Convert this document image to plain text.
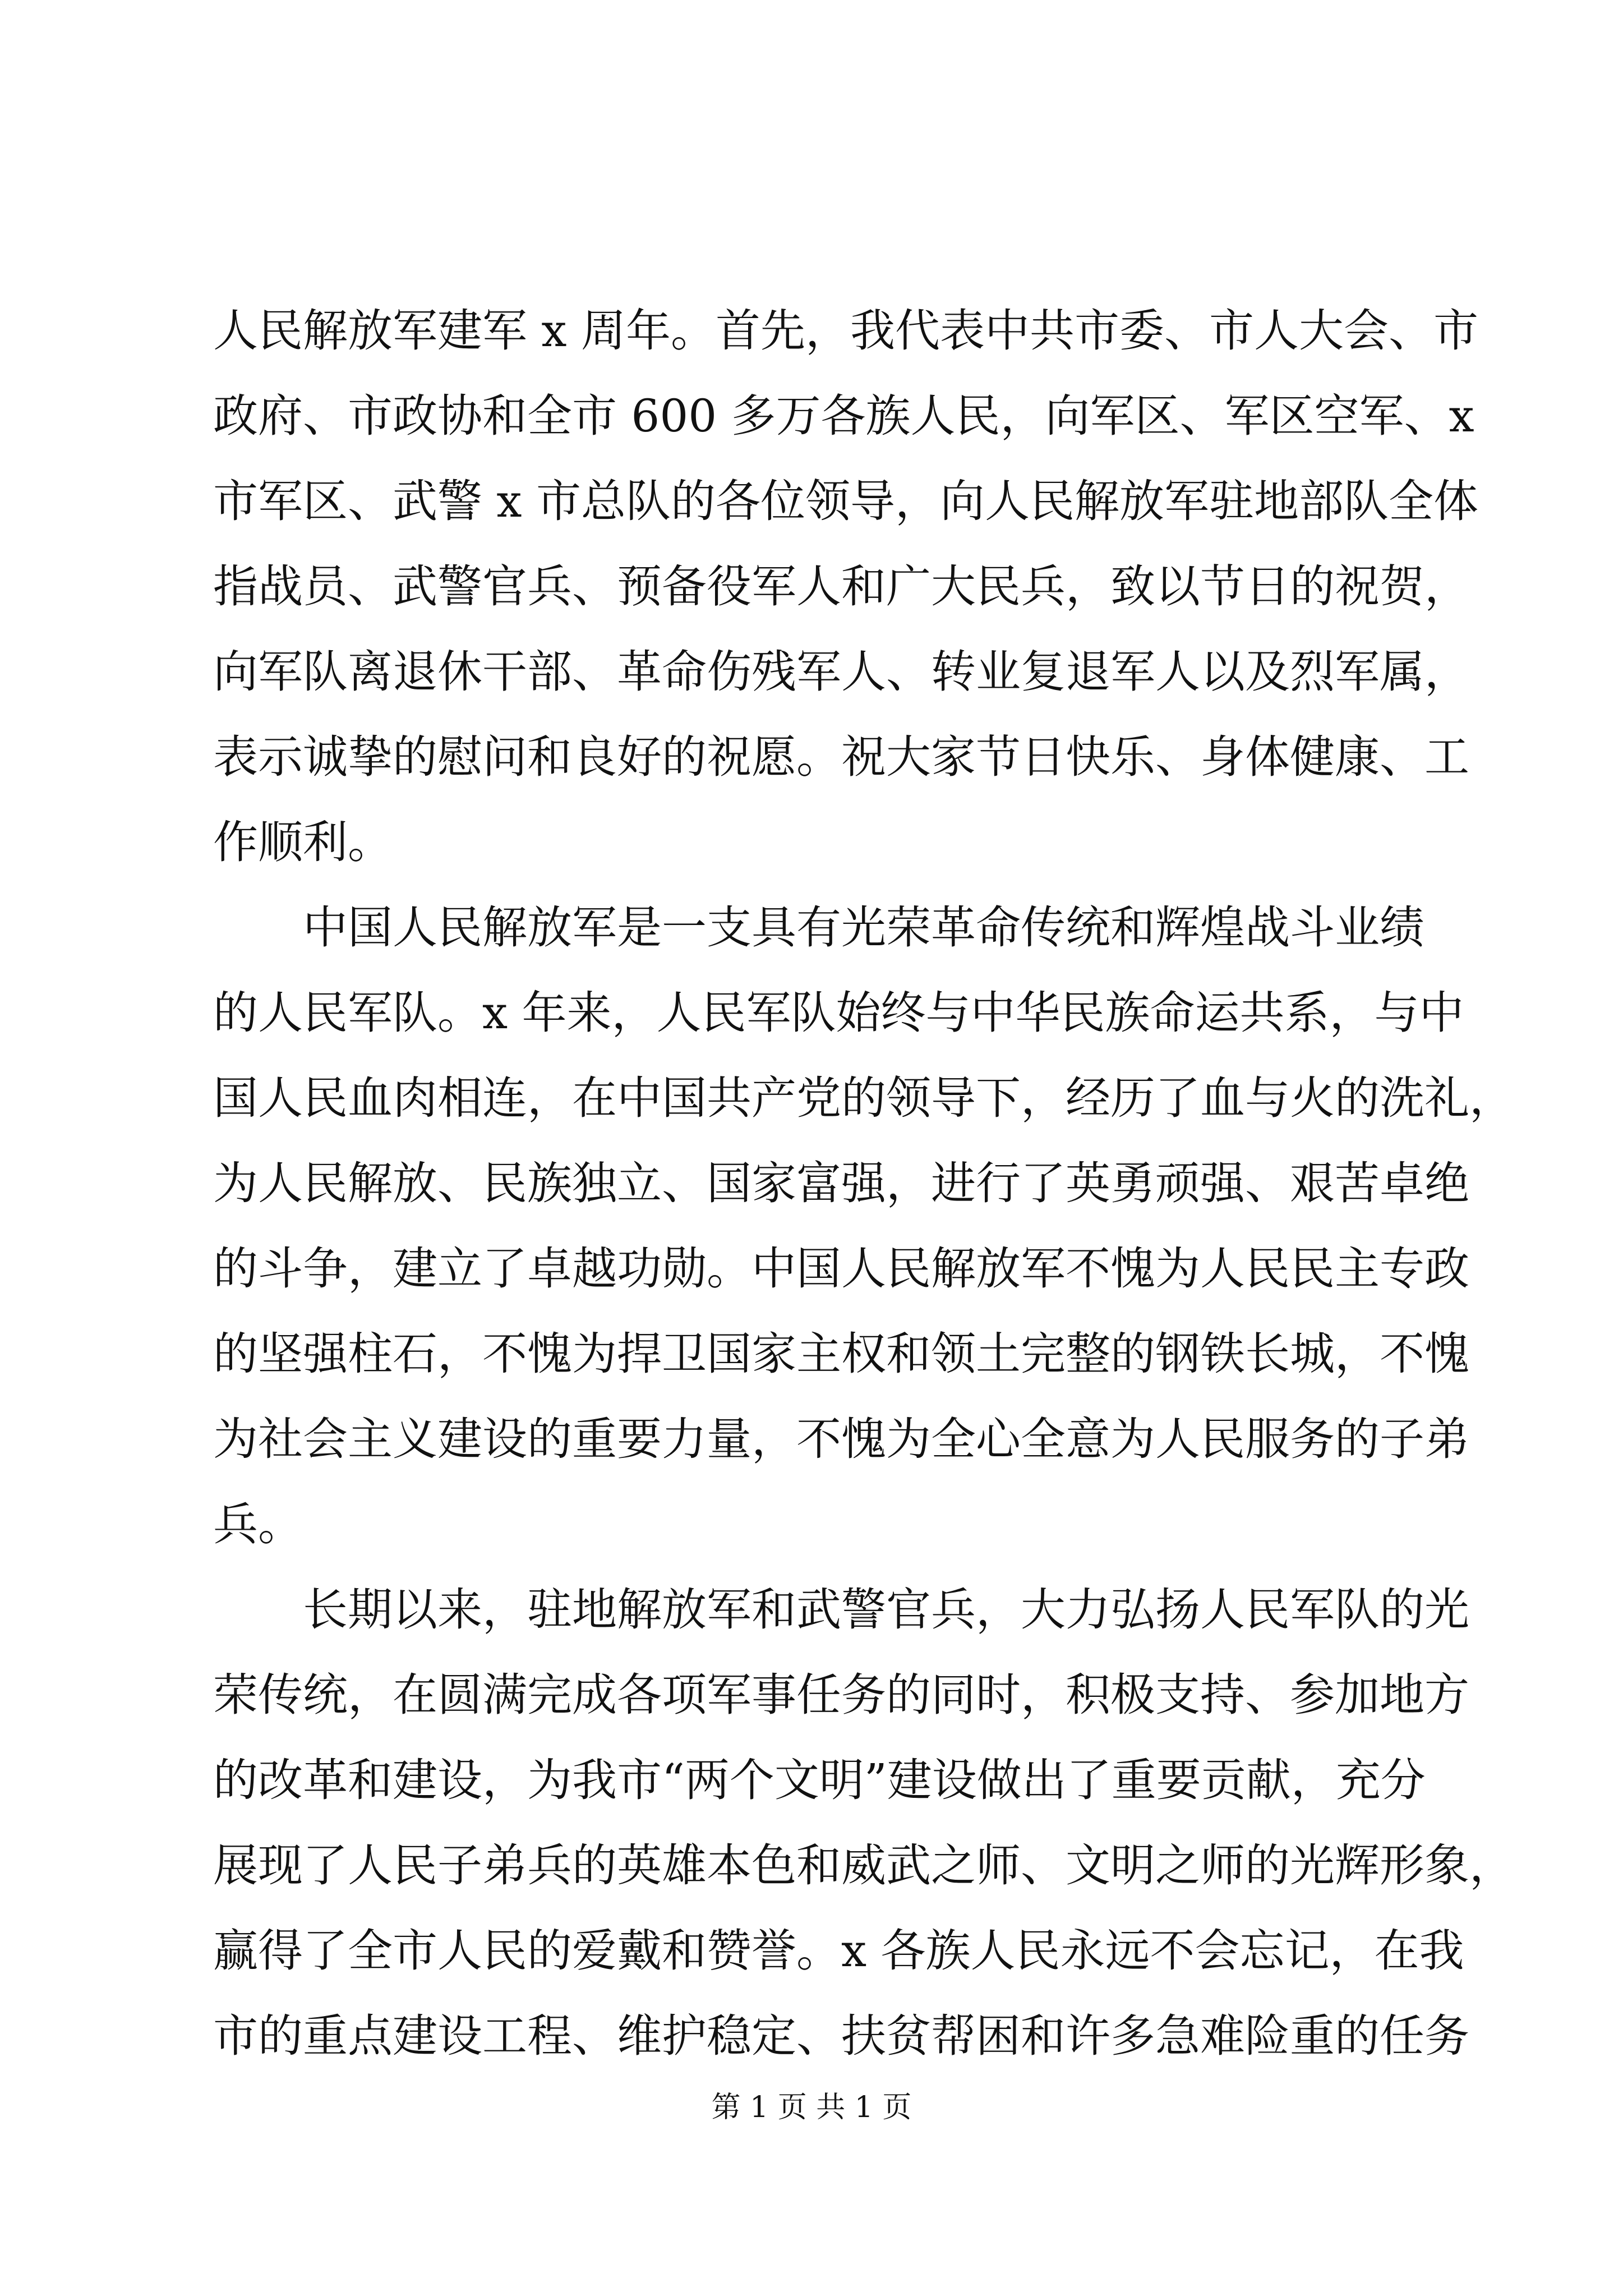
人民解放军建军 x 周年。首先，我代表中共市委、市人大会、市
政府、市政协和全市 600 多万各族人民，向军区、军区空军、x
市军区、武警 x 市总队的各位领导，向人民解放军驻地部队全体
指战员、武警官兵、预备役军人和广大民兵，致以节日的祝贺，
向军队离退休干部、革命伤残军人、转业复退军人以及烈军属，
表示诚挚的慰问和良好的祝愿。祝大家节日快乐、身体健康、工
作顺利。
　　中国人民解放军是一支具有光荣革命传统和辉煌战斗业绩
的人民军队。x 年来，人民军队始终与中华民族命运共系，与中
国人民血肉相连，在中国共产党的领导下，经历了血与火的洗礼，
为人民解放、民族独立、国家富强，进行了英勇顽强、艰苦卓绝
的斗争，建立了卓越功勋。中国人民解放军不愧为人民民主专政
的坚强柱石，不愧为捍卫国家主权和领土完整的钢铁长城，不愧
为社会主义建设的重要力量，不愧为全心全意为人民服务的子弟
兵。
　　长期以来，驻地解放军和武警官兵，大力弘扬人民军队的光
荣传统，在圆满完成各项军事任务的同时，积极支持、参加地方
的改革和建设，为我市“两个文明”建设做出了重要贡献，充分
展现了人民子弟兵的英雄本色和威武之师、文明之师的光辉形象，
赢得了全市人民的爱戴和赞誉。x 各族人民永远不会忘记，在我
第 1 页 共 1 页
市的重点建设工程、维护稳定、扶贫帮困和许多急难险重的任务
